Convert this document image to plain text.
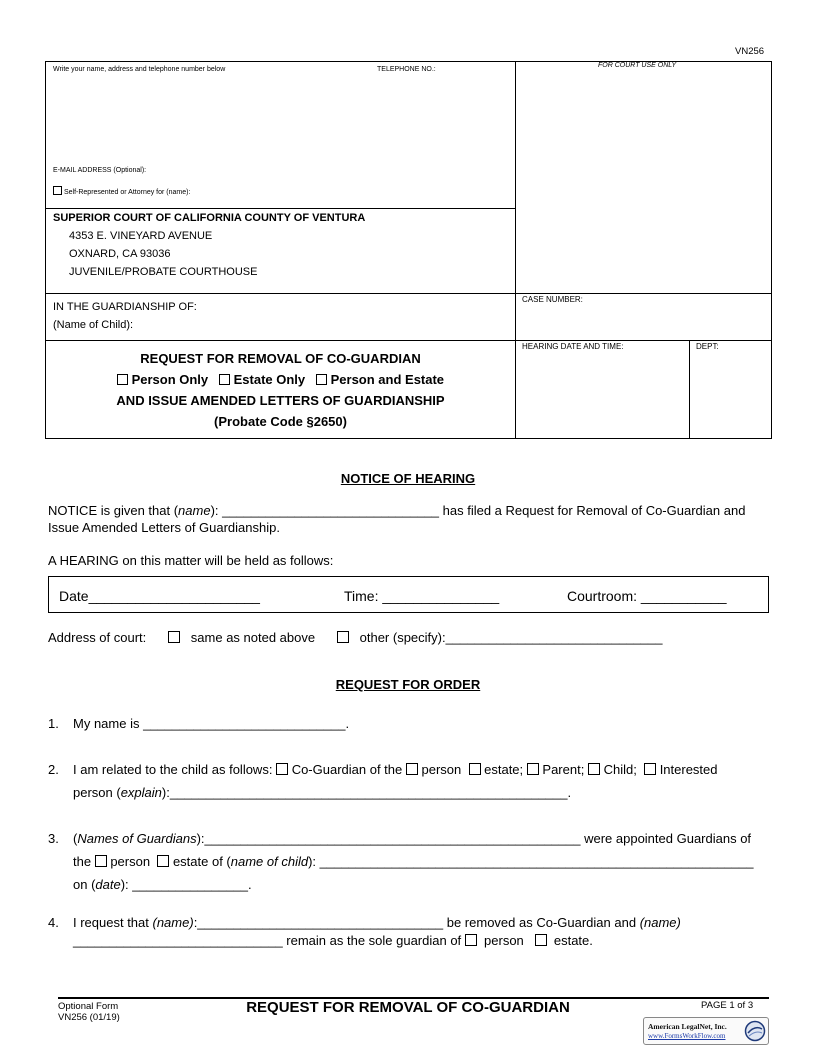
VN256
Write your name, address and telephone number below	TELEPHONE NO.:
FOR COURT USE ONLY
E-MAIL ADDRESS (Optional):
Self-Represented or Attorney for (name):
SUPERIOR COURT OF CALIFORNIA COUNTY OF VENTURA
4353 E. VINEYARD AVENUE
OXNARD, CA 93036
JUVENILE/PROBATE COURTHOUSE
IN THE GUARDIANSHIP OF:
(Name of Child):
CASE NUMBER:
HEARING DATE AND TIME:	DEPT:
REQUEST FOR REMOVAL OF CO-GUARDIAN
Person Only Estate Only Person and Estate
AND ISSUE AMENDED LETTERS OF GUARDIANSHIP
(Probate Code §2650)
NOTICE OF HEARING
NOTICE is given that (name): ______________________________ has filed a Request for Removal of Co-Guardian and
Issue Amended Letters of Guardianship.
A HEARING on this matter will be held as follows:
Date______________________	Time: _______________	Courtroom: ___________
Address of court:	same as noted above	other (specify):______________________________
REQUEST FOR ORDER
1. My name is ____________________________.
2. I am related to the child as follows: Co-Guardian of the person estate; Parent; Child; Interested
person (explain):_______________________________________________________.
3. (Names of Guardians):____________________________________________________ were appointed Guardians of
the person estate of (name of child): ____________________________________________________________
on (date): ________________.
4. I request that (name):__________________________________ be removed as Co-Guardian and (name)
_____________________________ remain as the sole guardian of person estate.
Optional Form
VN256 (01/19)
REQUEST FOR REMOVAL OF CO-GUARDIAN	PAGE 1 of 3
American LegalNet, Inc.
www.FormsWorkFlow.com
